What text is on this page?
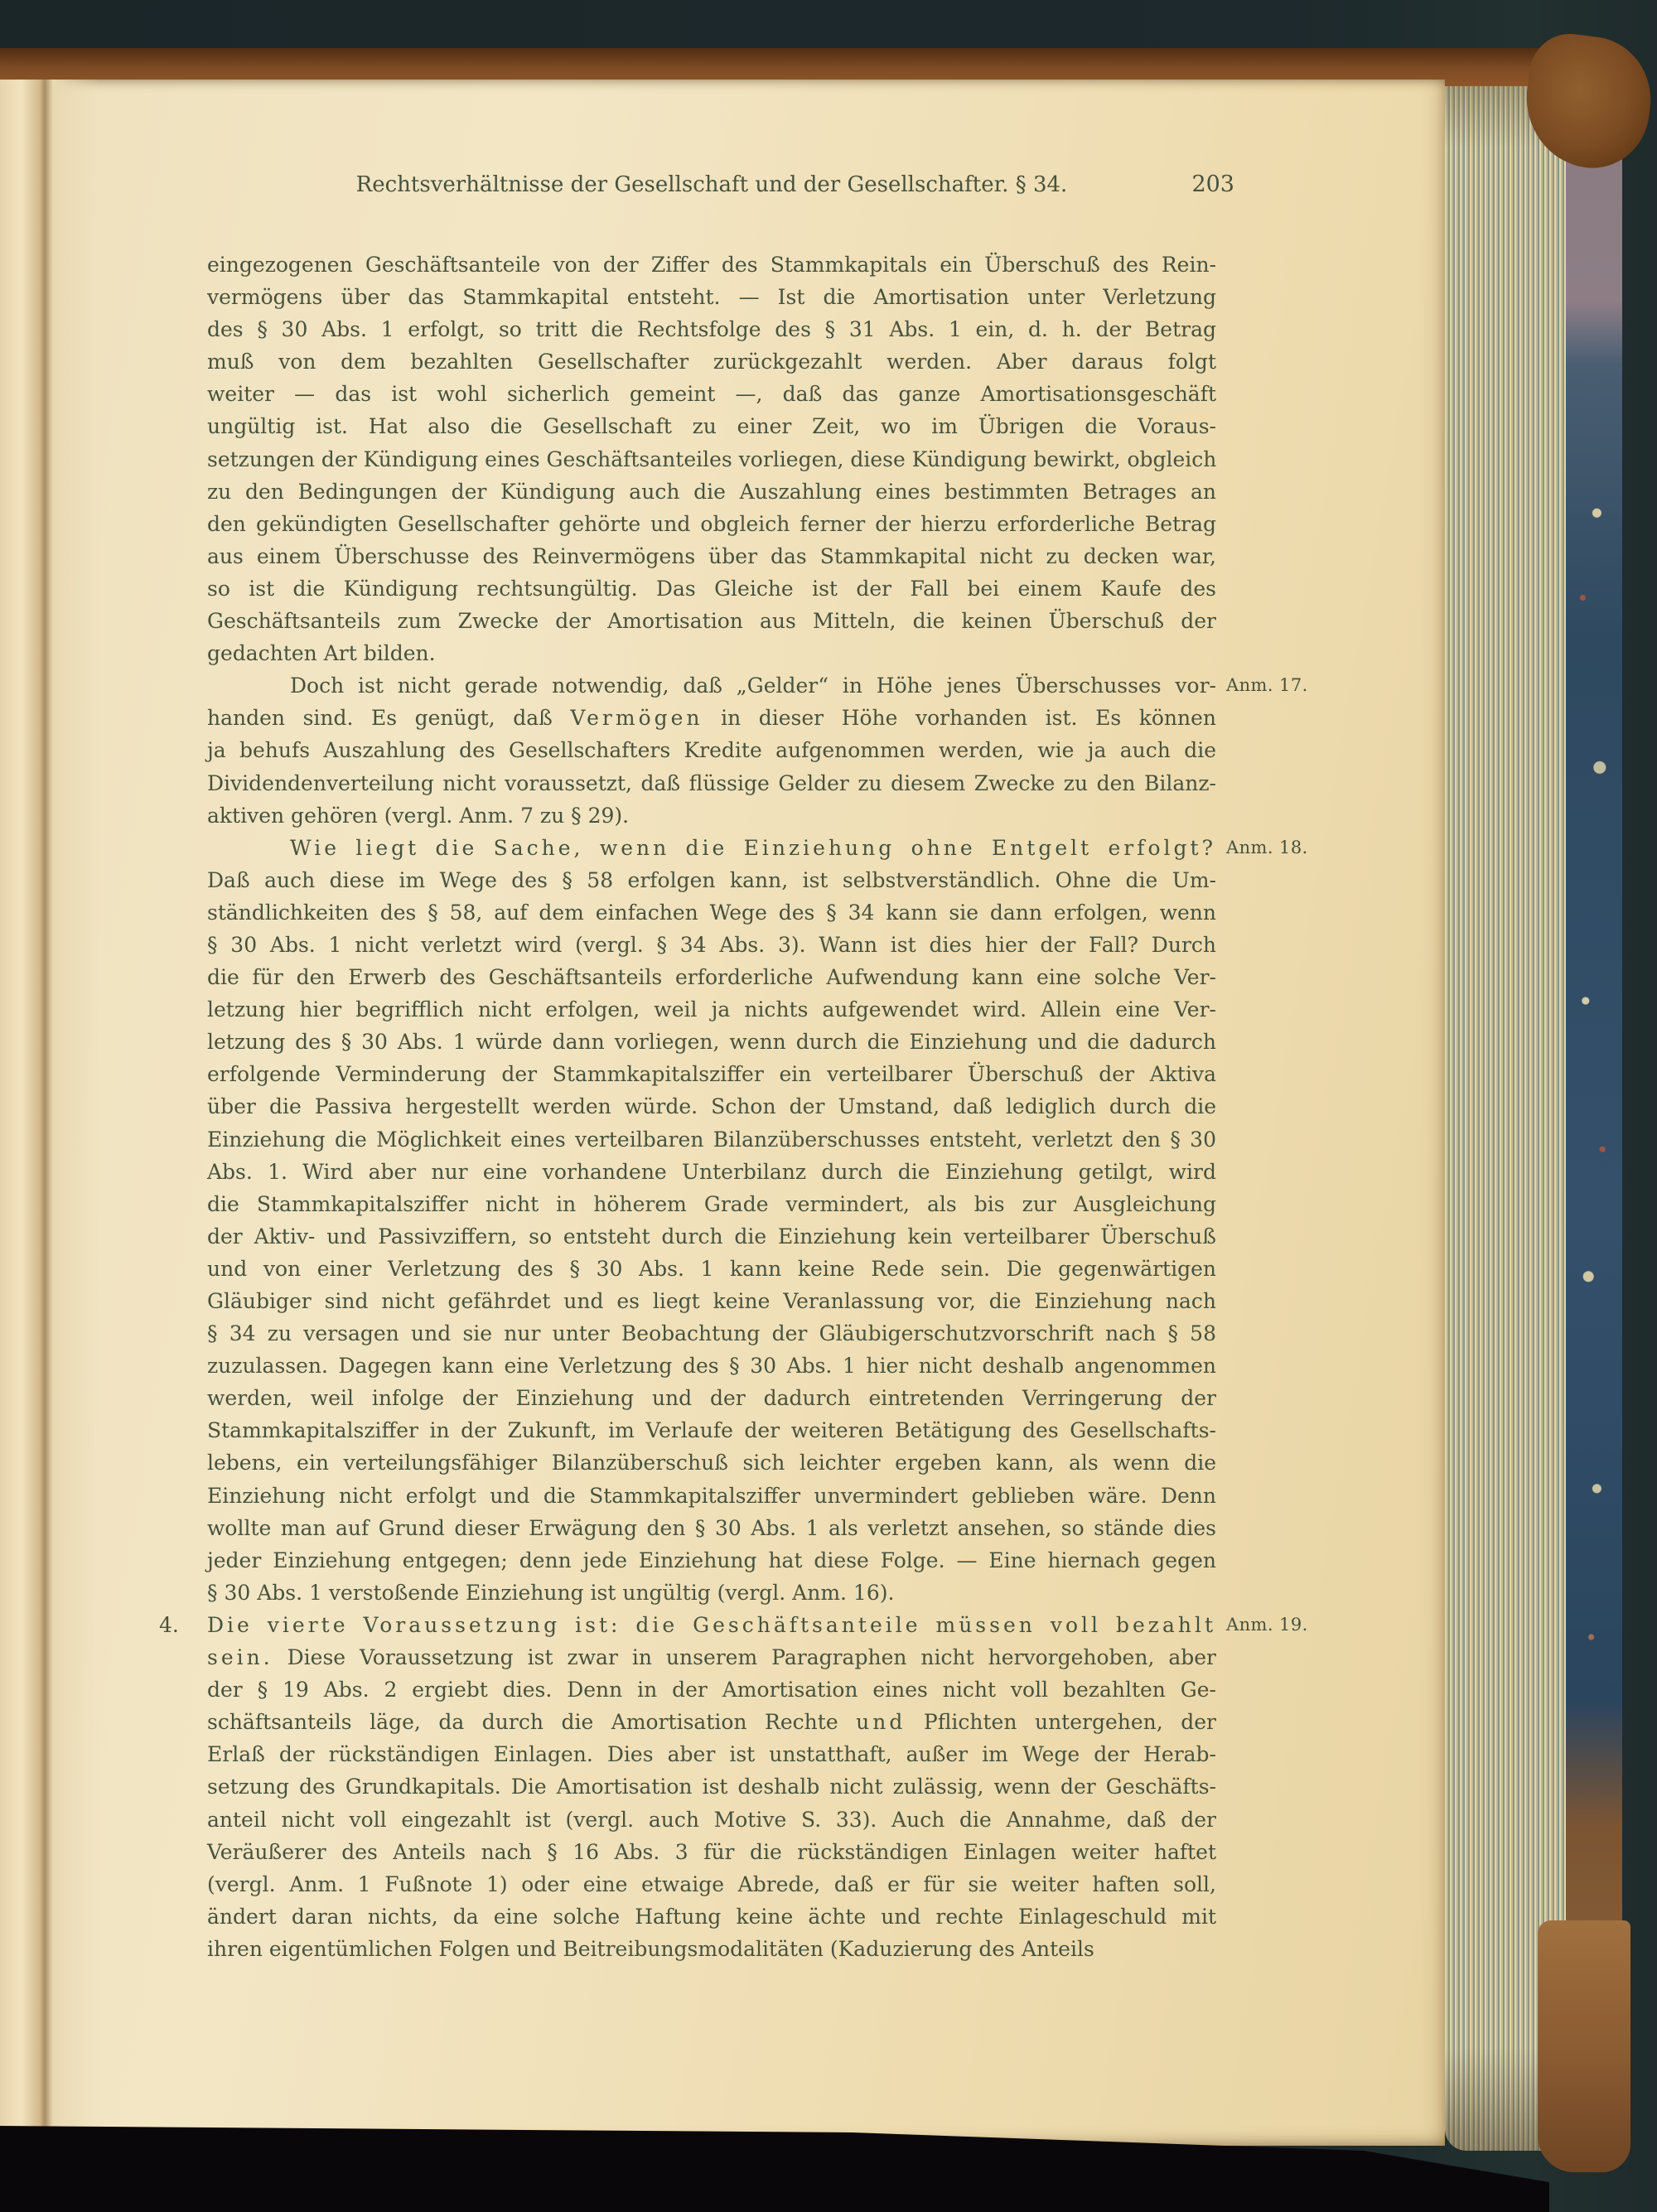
Rechtsverhältnisse der Gesellschaft und der Gesellschafter. § 34.	203
eingezogenen Geschäftsanteile von der Ziffer des Stammkapitals ein Überschuß des Rein-
vermögens über das Stammkapital entsteht. — Ist die Amortisation unter Verletzung
des § 30 Abs. 1 erfolgt, so tritt die Rechtsfolge des § 31 Abs. 1 ein, d. h. der Betrag
muß von dem bezahlten Gesellschafter zurückgezahlt werden. Aber daraus folgt
weiter — das ist wohl sicherlich gemeint —, daß das ganze Amortisationsgeschäft
ungültig ist. Hat also die Gesellschaft zu einer Zeit, wo im Übrigen die Voraus-
setzungen der Kündigung eines Geschäftsanteiles vorliegen, diese Kündigung bewirkt, obgleich
zu den Bedingungen der Kündigung auch die Auszahlung eines bestimmten Betrages an
den gekündigten Gesellschafter gehörte und obgleich ferner der hierzu erforderliche Betrag
aus einem Überschusse des Reinvermögens über das Stammkapital nicht zu decken war,
so ist die Kündigung rechtsungültig. Das Gleiche ist der Fall bei einem Kaufe des
Geschäftsanteils zum Zwecke der Amortisation aus Mitteln, die keinen Überschuß der
gedachten Art bilden.
Doch ist nicht gerade notwendig, daß „Gelder“ in Höhe jenes Überschusses vor- Anm. 17.
handen sind. Es genügt, daß Vermögen in dieser Höhe vorhanden ist. Es können
ja behufs Auszahlung des Gesellschafters Kredite aufgenommen werden, wie ja auch die
Dividendenverteilung nicht voraussetzt, daß flüssige Gelder zu diesem Zwecke zu den Bilanz-
aktiven gehören (vergl. Anm. 7 zu § 29).
Wie liegt die Sache, wenn die Einziehung ohne Entgelt erfolgt? Anm. 18.
Daß auch diese im Wege des § 58 erfolgen kann, ist selbstverständlich. Ohne die Um-
ständlichkeiten des § 58, auf dem einfachen Wege des § 34 kann sie dann erfolgen, wenn
§ 30 Abs. 1 nicht verletzt wird (vergl. § 34 Abs. 3). Wann ist dies hier der Fall? Durch
die für den Erwerb des Geschäftsanteils erforderliche Aufwendung kann eine solche Ver-
letzung hier begrifflich nicht erfolgen, weil ja nichts aufgewendet wird. Allein eine Ver-
letzung des § 30 Abs. 1 würde dann vorliegen, wenn durch die Einziehung und die dadurch
erfolgende Verminderung der Stammkapitalsziffer ein verteilbarer Überschuß der Aktiva
über die Passiva hergestellt werden würde. Schon der Umstand, daß lediglich durch die
Einziehung die Möglichkeit eines verteilbaren Bilanzüberschusses entsteht, verletzt den § 30
Abs. 1. Wird aber nur eine vorhandene Unterbilanz durch die Einziehung getilgt, wird
die Stammkapitalsziffer nicht in höherem Grade vermindert, als bis zur Ausgleichung
der Aktiv- und Passivziffern, so entsteht durch die Einziehung kein verteilbarer Überschuß
und von einer Verletzung des § 30 Abs. 1 kann keine Rede sein. Die gegenwärtigen
Gläubiger sind nicht gefährdet und es liegt keine Veranlassung vor, die Einziehung nach
§ 34 zu versagen und sie nur unter Beobachtung der Gläubigerschutzvorschrift nach § 58
zuzulassen. Dagegen kann eine Verletzung des § 30 Abs. 1 hier nicht deshalb angenommen
werden, weil infolge der Einziehung und der dadurch eintretenden Verringerung der
Stammkapitalsziffer in der Zukunft, im Verlaufe der weiteren Betätigung des Gesellschafts-
lebens, ein verteilungsfähiger Bilanzüberschuß sich leichter ergeben kann, als wenn die
Einziehung nicht erfolgt und die Stammkapitalsziffer unvermindert geblieben wäre. Denn
wollte man auf Grund dieser Erwägung den § 30 Abs. 1 als verletzt ansehen, so stände dies
jeder Einziehung entgegen; denn jede Einziehung hat diese Folge. — Eine hiernach gegen
§ 30 Abs. 1 verstoßende Einziehung ist ungültig (vergl. Anm. 16).
4.	Die vierte Voraussetzung ist: die Geschäftsanteile müssen voll bezahlt Anm. 19.
sein. Diese Voraussetzung ist zwar in unserem Paragraphen nicht hervorgehoben, aber
der § 19 Abs. 2 ergiebt dies. Denn in der Amortisation eines nicht voll bezahlten Ge-
schäftsanteils läge, da durch die Amortisation Rechte und Pflichten untergehen, der
Erlaß der rückständigen Einlagen. Dies aber ist unstatthaft, außer im Wege der Herab-
setzung des Grundkapitals. Die Amortisation ist deshalb nicht zulässig, wenn der Geschäfts-
anteil nicht voll eingezahlt ist (vergl. auch Motive S. 33). Auch die Annahme, daß der
Veräußerer des Anteils nach § 16 Abs. 3 für die rückständigen Einlagen weiter haftet
(vergl. Anm. 1 Fußnote 1) oder eine etwaige Abrede, daß er für sie weiter haften soll,
ändert daran nichts, da eine solche Haftung keine ächte und rechte Einlageschuld mit
ihren eigentümlichen Folgen und Beitreibungsmodalitäten (Kaduzierung des Anteils
